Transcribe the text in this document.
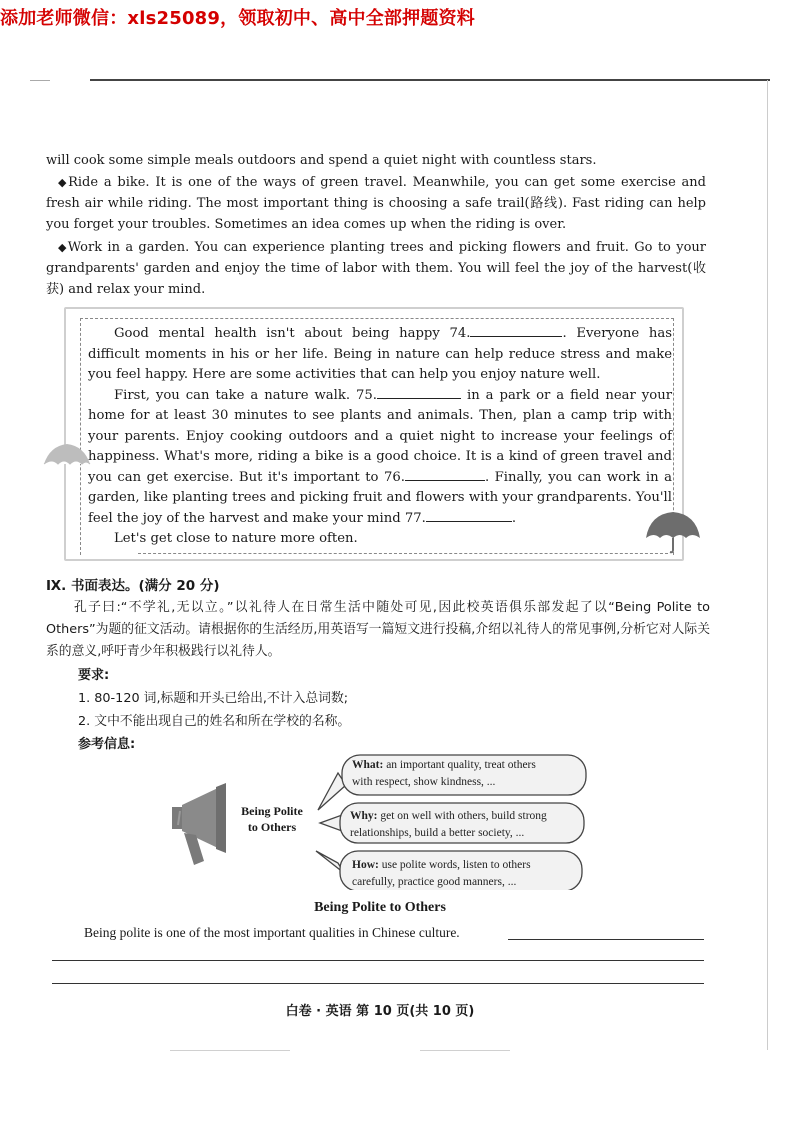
添加老师微信：xls25089，领取初中、高中全部押题资料
will cook some simple meals outdoors and spend a quiet night with countless stars.
◆Ride a bike. It is one of the ways of green travel. Meanwhile, you can get some exercise and fresh air while riding. The most important thing is choosing a safe trail(路线). Fast riding can help you forget your troubles. Sometimes an idea comes up when the riding is over.
◆Work in a garden. You can experience planting trees and picking flowers and fruit. Go to your grandparents' garden and enjoy the time of labor with them. You will feel the joy of the harvest(收获) and relax your mind.

Good mental health isn't about being happy 74.	. Everyone has difficult moments in his or her life. Being in nature can help reduce stress and make you feel happy. Here are some activities that can help you enjoy nature well.

First, you can take a nature walk. 75.	in a park or a field near your home for at least 30 minutes to see plants and animals. Then, plan a camp trip with your parents. Enjoy cooking outdoors and a quiet night to increase your feelings of happiness. What's more, riding a bike is a good choice. It is a kind of green travel and you can get exercise. But it's important to 76.	. Finally, you can work in a garden, like planting trees and picking fruit and flowers with your grandparents. You'll feel the joy of the harvest and make your mind 77.	.

Let's get close to nature more often.

Ⅸ. 书面表达。(满分 20 分)
孔子曰:“不学礼,无以立。”以礼待人在日常生活中随处可见,因此校英语俱乐部发起了以“Being Polite to Others”为题的征文活动。请根据你的生活经历,用英语写一篇短文进行投稿,介绍以礼待人的常见事例,分析它对人际关系的意义,呼吁青少年积极践行以礼待人。
要求:
1. 80-120 词,标题和开头已给出,不计入总词数;
2. 文中不能出现自己的姓名和所在学校的名称。
参考信息:
Being Polite
to Others
What: an important quality, treat others
with respect, show kindness, ...
Why: get on well with others, build strong
relationships, build a better society, ...
How: use polite words, listen to others
carefully, practice good manners, ...
Being Polite to Others
Being polite is one of the most important qualities in Chinese culture.
白卷 · 英语 第 10 页(共 10 页)
